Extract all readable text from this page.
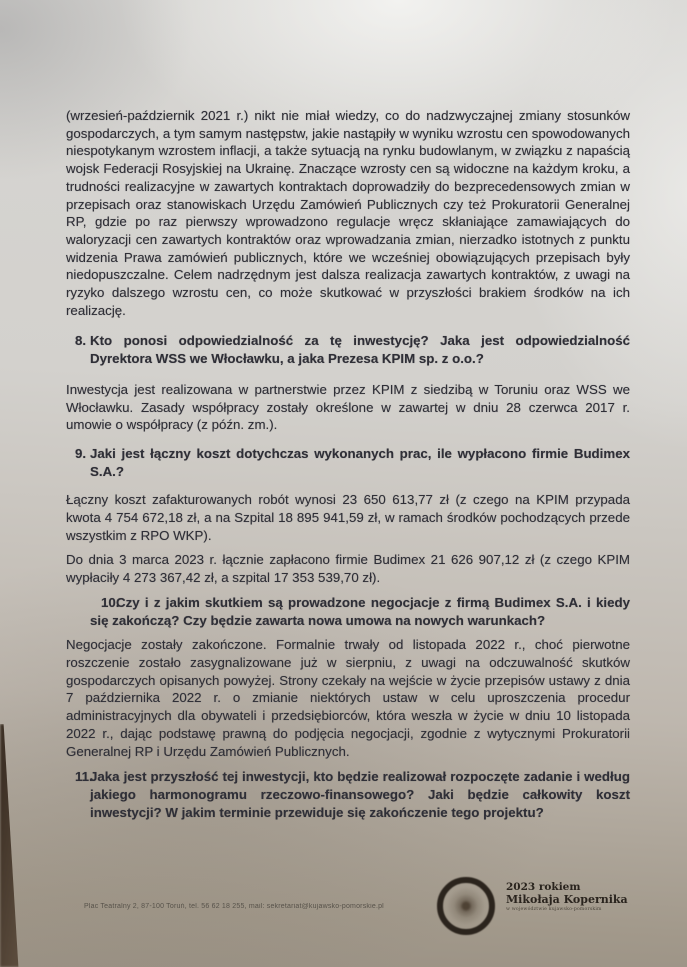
(wrzesień-październik 2021 r.) nikt nie miał wiedzy, co do nadzwyczajnej zmiany stosunków gospodarczych, a tym samym następstw, jakie nastąpiły w wyniku wzrostu cen spowodowanych niespotykanym wzrostem inflacji, a także sytuacją na rynku budowlanym, w związku z napaścią wojsk Federacji Rosyjskiej na Ukrainę. Znaczące wzrosty cen są widoczne na każdym kroku, a trudności realizacyjne w zawartych kontraktach doprowadziły do bezprecedensowych zmian w przepisach oraz stanowiskach Urzędu Zamówień Publicznych czy też Prokuratorii Generalnej RP, gdzie po raz pierwszy wprowadzono regulacje wręcz skłaniające zamawiających do waloryzacji cen zawartych kontraktów oraz wprowadzania zmian, nierzadko istotnych z punktu widzenia Prawa zamówień publicznych, które we wcześniej obowiązujących przepisach były niedopuszczalne. Celem nadrzędnym jest dalsza realizacja zawartych kontraktów, z uwagi na ryzyko dalszego wzrostu cen, co może skutkować w przyszłości brakiem środków na ich realizację.

8. Kto ponosi odpowiedzialność za tę inwestycję? Jaka jest odpowiedzialność Dyrektora WSS we Włocławku, a jaka Prezesa KPIM sp. z o.o.?

Inwestycja jest realizowana w partnerstwie przez KPIM z siedzibą w Toruniu oraz WSS we Włocławku. Zasady współpracy zostały określone w zawartej w dniu 28 czerwca 2017 r. umowie o współpracy (z późn. zm.).

9. Jaki jest łączny koszt dotychczas wykonanych prac, ile wypłacono firmie Budimex S.A.?

Łączny koszt zafakturowanych robót wynosi 23 650 613,77 zł (z czego na KPIM przypada kwota 4 754 672,18 zł, a na Szpital 18 895 941,59 zł, w ramach środków pochodzących przede wszystkim z RPO WKP).

Do dnia 3 marca 2023 r. łącznie zapłacono firmie Budimex 21 626 907,12 zł (z czego KPIM wypłaciły 4 273 367,42 zł, a szpital 17 353 539,70 zł).

10.
Czy i z jakim skutkiem są prowadzone negocjacje z firmą Budimex S.A. i kiedy się zakończą? Czy będzie zawarta nowa umowa na nowych warunkach?

Negocjacje zostały zakończone. Formalnie trwały od listopada 2022 r., choć pierwotne roszczenie zostało zasygnalizowane już w sierpniu, z uwagi na odczuwalność skutków gospodarczych opisanych powyżej. Strony czekały na wejście w życie przepisów ustawy z dnia 7 października 2022 r. o zmianie niektórych ustaw w celu uproszczenia procedur administracyjnych dla obywateli i przedsiębiorców, która weszła w życie w dniu 10 listopada 2022 r., dając podstawę prawną do podjęcia negocjacji, zgodnie z wytycznymi Prokuratorii Generalnej RP i Urzędu Zamówień Publicznych.

11.
Jaka jest przyszłość tej inwestycji, kto będzie realizował rozpoczęte zadanie i według jakiego harmonogramu rzeczowo-finansowego? Jaki będzie całkowity koszt inwestycji? W jakim terminie przewiduje się zakończenie tego projektu?
Plac Teatralny 2, 87-100 Toruń, tel. 56 62 18 255, mail: sekretariat@kujawsko-pomorskie.pl
2023 rokiem
Mikołaja Kopernika
w województwie kujawsko-pomorskim
